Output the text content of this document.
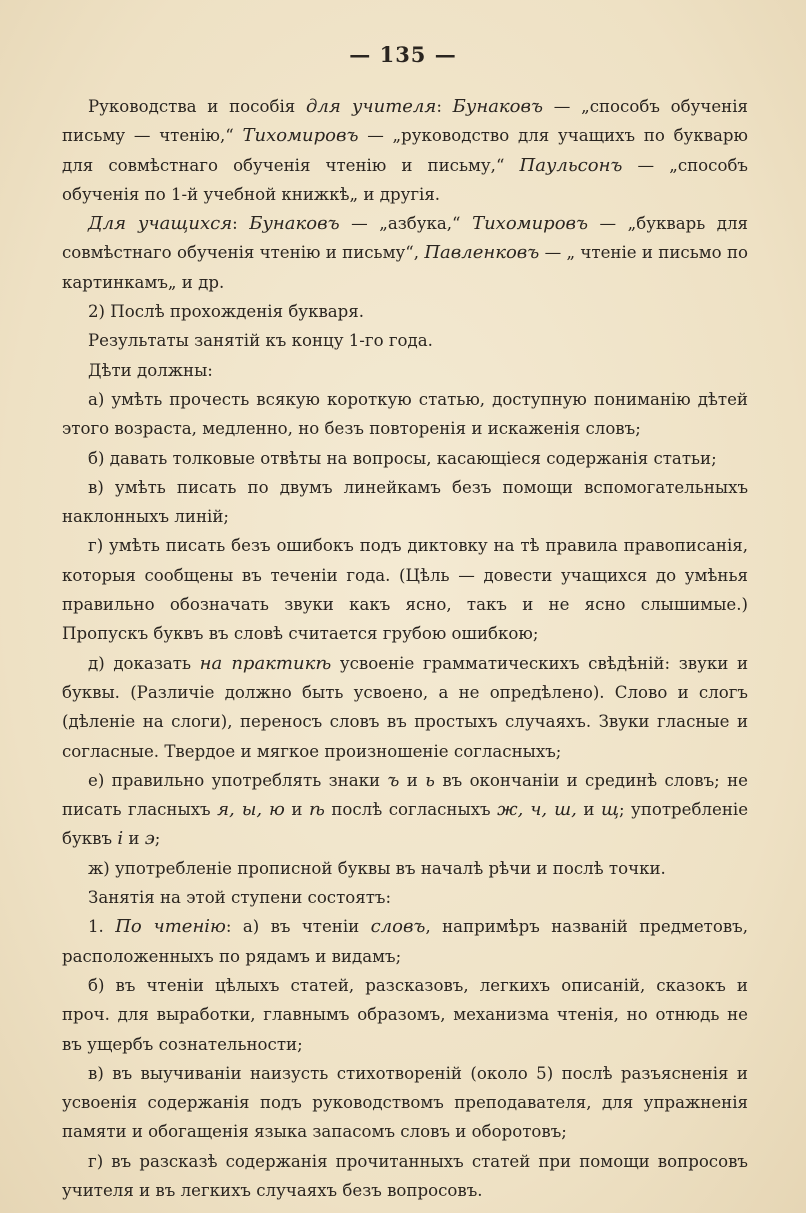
— 135 —

Руководства и пособія для учителя: Бунаковъ — „способъ обученія письму — чтенію,“ Тихомировъ — „руководство для учащихъ по букварю для совмѣстнаго обученія чтенію и письму,“ Паульсонъ — „способъ обученія по 1-й учебной книжкѣ„ и другія.

Для учащихся: Бунаковъ — „азбука,“ Тихомировъ — „букварь для совмѣстнаго обученія чтенію и письму“, Павленковъ — „ чтеніе и письмо по картинкамъ„ и др.

2) Послѣ прохожденія букваря.

Результаты занятій къ концу 1-го года.

Дѣти должны:

а) умѣть прочесть всякую короткую статью, доступную пониманію дѣтей этого возраста, медленно, но безъ повторенія и искаженія словъ;

б) давать толковые отвѣты на вопросы, касающіеся содержанія статьи;

в) умѣть писать по двумъ линейкамъ безъ помощи вспомогательныхъ наклонныхъ линій;

г) умѣть писать безъ ошибокъ подъ диктовку на тѣ правила правописанія, которыя сообщены въ теченіи года. (Цѣль — довести учащихся до умѣнья правильно обозначать звуки какъ ясно, такъ и не ясно слышимые.) Пропускъ буквъ въ словѣ считается грубою ошибкою;

д) доказать на практикѣ усвоеніе грамматическихъ свѣдѣній: звуки и буквы. (Различіе должно быть усвоено, а не опредѣлено). Слово и слогъ (дѣленіе на слоги), переносъ словъ въ простыхъ случаяхъ. Звуки гласные и согласные. Твердое и мягкое произношеніе согласныхъ;

е) правильно употреблять знаки ъ и ь въ окончаніи и срединѣ словъ; не писать гласныхъ я, ы, ю и ѣ послѣ согласныхъ ж, ч, ш, и щ; употребленіе буквъ і и э;

ж) употребленіе прописной буквы въ началѣ рѣчи и послѣ точки.

Занятія на этой ступени состоятъ:

1. По чтенію: а) въ чтеніи словъ, напримѣръ названій предметовъ, расположенныхъ по рядамъ и видамъ;

б) въ чтеніи цѣлыхъ статей, разсказовъ, легкихъ описаній, сказокъ и проч. для выработки, главнымъ образомъ, механизма чтенія, но отнюдь не въ ущербъ сознательности;

в) въ выучиваніи наизусть стихотвореній (около 5) послѣ разъясненія и усвоенія содержанія подъ руководствомъ преподавателя, для упражненія памяти и обогащенія языка запасомъ словъ и оборотовъ;

г) въ разсказѣ содержанія прочитанныхъ статей при помощи вопросовъ учителя и въ легкихъ случаяхъ безъ вопросовъ.
